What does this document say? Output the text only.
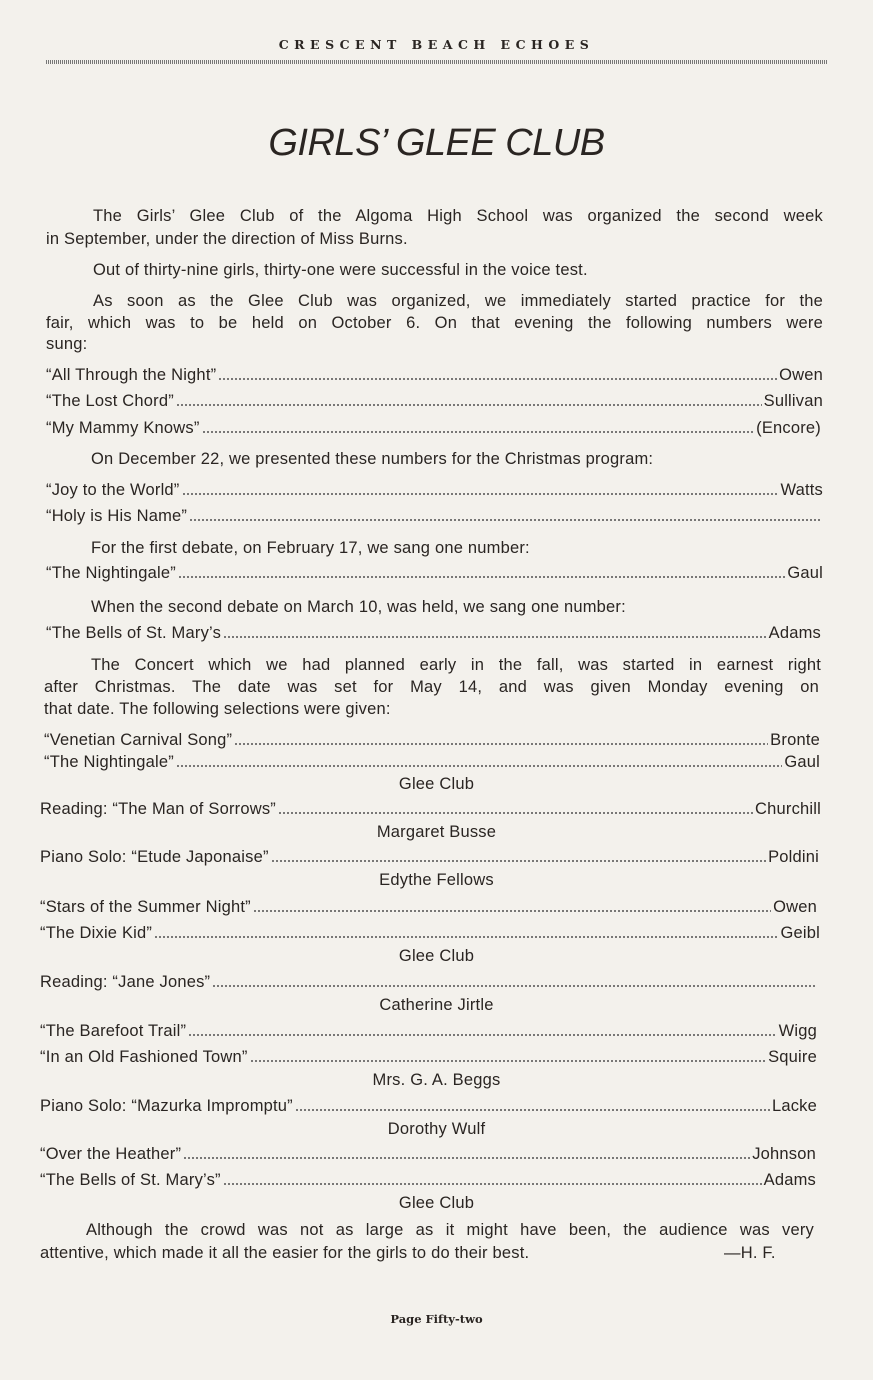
CRESCENT BEACH ECHOES
GIRLS’ GLEE CLUB
The Girls’ Glee Club of the Algoma High School was organized the second week
in September, under the direction of Miss Burns.
Out of thirty-nine girls, thirty-one were successful in the voice test.
As soon as the Glee Club was organized, we immediately started practice for the
fair, which was to be held on October 6. On that evening the following numbers were
sung:
“All Through the Night”	Owen
“The Lost Chord”	Sullivan
“My Mammy Knows”	(Encore)
On December 22, we presented these numbers for the Christmas program:
“Joy to the World”	Watts
“Holy is His Name”
For the first debate, on February 17, we sang one number:
“The Nightingale”	Gaul
When the second debate on March 10, was held, we sang one number:
“The Bells of St. Mary’s	Adams
The Concert which we had planned early in the fall, was started in earnest right
after Christmas. The date was set for May 14, and was given Monday evening on
that date. The following selections were given:
“Venetian Carnival Song”	Bronte
“The Nightingale”	Gaul
Glee Club
Reading: “The Man of Sorrows”	Churchill
Margaret Busse
Piano Solo: “Etude Japonaise”	Poldini
Edythe Fellows
“Stars of the Summer Night”	Owen
“The Dixie Kid”	Geibl
Glee Club
Reading: “Jane Jones”
Catherine Jirtle
“The Barefoot Trail”	Wigg
“In an Old Fashioned Town”	Squire
Mrs. G. A. Beggs
Piano Solo: “Mazurka Impromptu”	Lacke
Dorothy Wulf
“Over the Heather”	Johnson
“The Bells of St. Mary’s”	Adams
Glee Club
Although the crowd was not as large as it might have been, the audience was very
attentive, which made it all the easier for the girls to do their best.	—H. F.
Page Fifty-two
